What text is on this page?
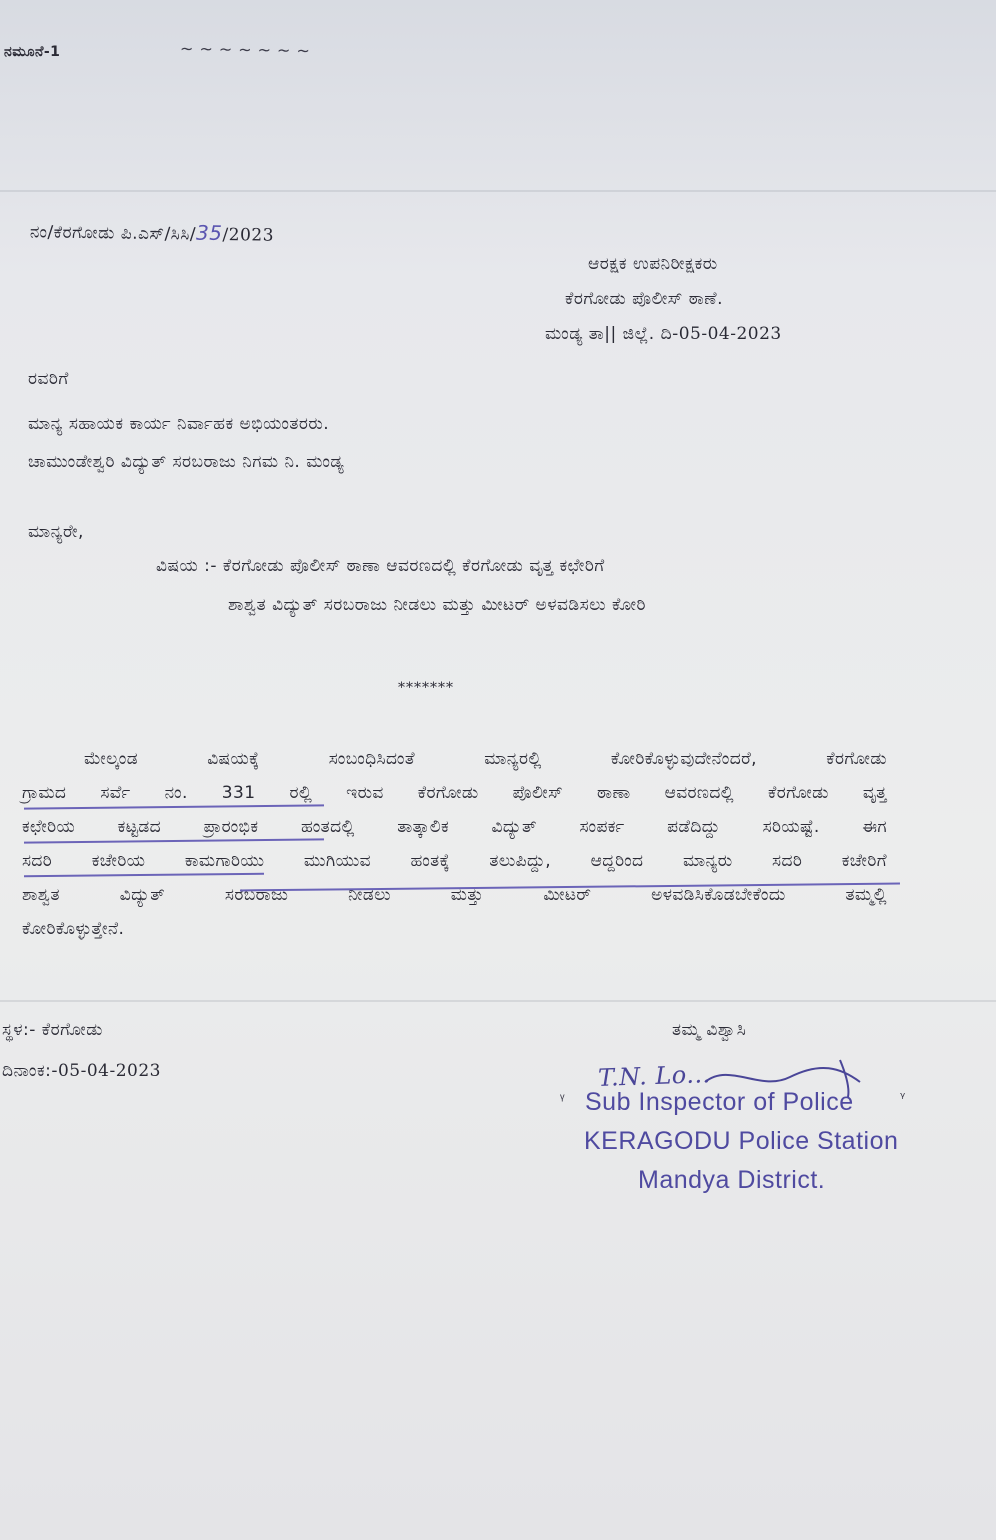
ನಮೂನೆ-1	~~~~~~~
ನಂ/ಕೆರಗೋಡು ಪಿ.ಎಸ್/ಸಿಸಿ/35/2023
ಆರಕ್ಷಕ ಉಪನಿರೀಕ್ಷಕರು
ಕೆರಗೋಡು ಪೊಲೀಸ್ ಠಾಣೆ.
ಮಂಡ್ಯ ತಾ|| ಜಿಲ್ಲೆ. ದಿ-05-04-2023
ರವರಿಗೆ
ಮಾನ್ಯ ಸಹಾಯಕ ಕಾರ್ಯ ನಿರ್ವಾಹಕ ಅಭಿಯಂತರರು.
ಚಾಮುಂಡೇಶ್ವರಿ ವಿದ್ಯುತ್ ಸರಬರಾಜು ನಿಗಮ ನಿ. ಮಂಡ್ಯ
ಮಾನ್ಯರೇ,
ವಿಷಯ :- ಕೆರಗೋಡು ಪೊಲೀಸ್ ಠಾಣಾ ಆವರಣದಲ್ಲಿ ಕೆರಗೋಡು ವೃತ್ತ ಕಛೇರಿಗೆ
ಶಾಶ್ವತ ವಿದ್ಯುತ್ ಸರಬರಾಜು ನೀಡಲು ಮತ್ತು ಮೀಟರ್ ಅಳವಡಿಸಲು ಕೋರಿ
*******
ಮೇಲ್ಕಂಡ ವಿಷಯಕ್ಕೆ ಸಂಬಂಧಿಸಿದಂತೆ ಮಾನ್ಯರಲ್ಲಿ ಕೋರಿಕೊಳ್ಳುವುದೇನೆಂದರೆ, ಕೆರಗೋಡು
ಗ್ರಾಮದ ಸರ್ವೆ ನಂ. 331 ರಲ್ಲಿ ಇರುವ ಕೆರಗೋಡು ಪೊಲೀಸ್ ಠಾಣಾ ಆವರಣದಲ್ಲಿ ಕೆರಗೋಡು ವೃತ್ತ
ಕಛೇರಿಯ ಕಟ್ಟಡದ ಪ್ರಾರಂಭಿಕ ಹಂತದಲ್ಲಿ ತಾತ್ಕಾಲಿಕ ವಿದ್ಯುತ್ ಸಂಪರ್ಕ ಪಡೆದಿದ್ದು ಸರಿಯಷ್ಟೆ. ಈಗ
ಸದರಿ ಕಚೇರಿಯ ಕಾಮಗಾರಿಯು ಮುಗಿಯುವ ಹಂತಕ್ಕೆ ತಲುಪಿದ್ದು, ಆದ್ದರಿಂದ ಮಾನ್ಯರು ಸದರಿ ಕಚೇರಿಗೆ
ಶಾಶ್ವತ ವಿದ್ಯುತ್ ಸರಬರಾಜು ನೀಡಲು ಮತ್ತು ಮೀಟರ್ ಅಳವಡಿಸಿಕೊಡಬೇಕೆಂದು ತಮ್ಮಲ್ಲಿ
ಕೋರಿಕೊಳ್ಳುತ್ತೇನೆ.
ಸ್ಥಳ:- ಕೆರಗೋಡು
ದಿನಾಂಕ:-05-04-2023
ತಮ್ಮ ವಿಶ್ವಾಸಿ
T.N. Lo...
ᵞ	ᵞ
Sub Inspector of Police
KERAGODU Police Station
Mandya District.
